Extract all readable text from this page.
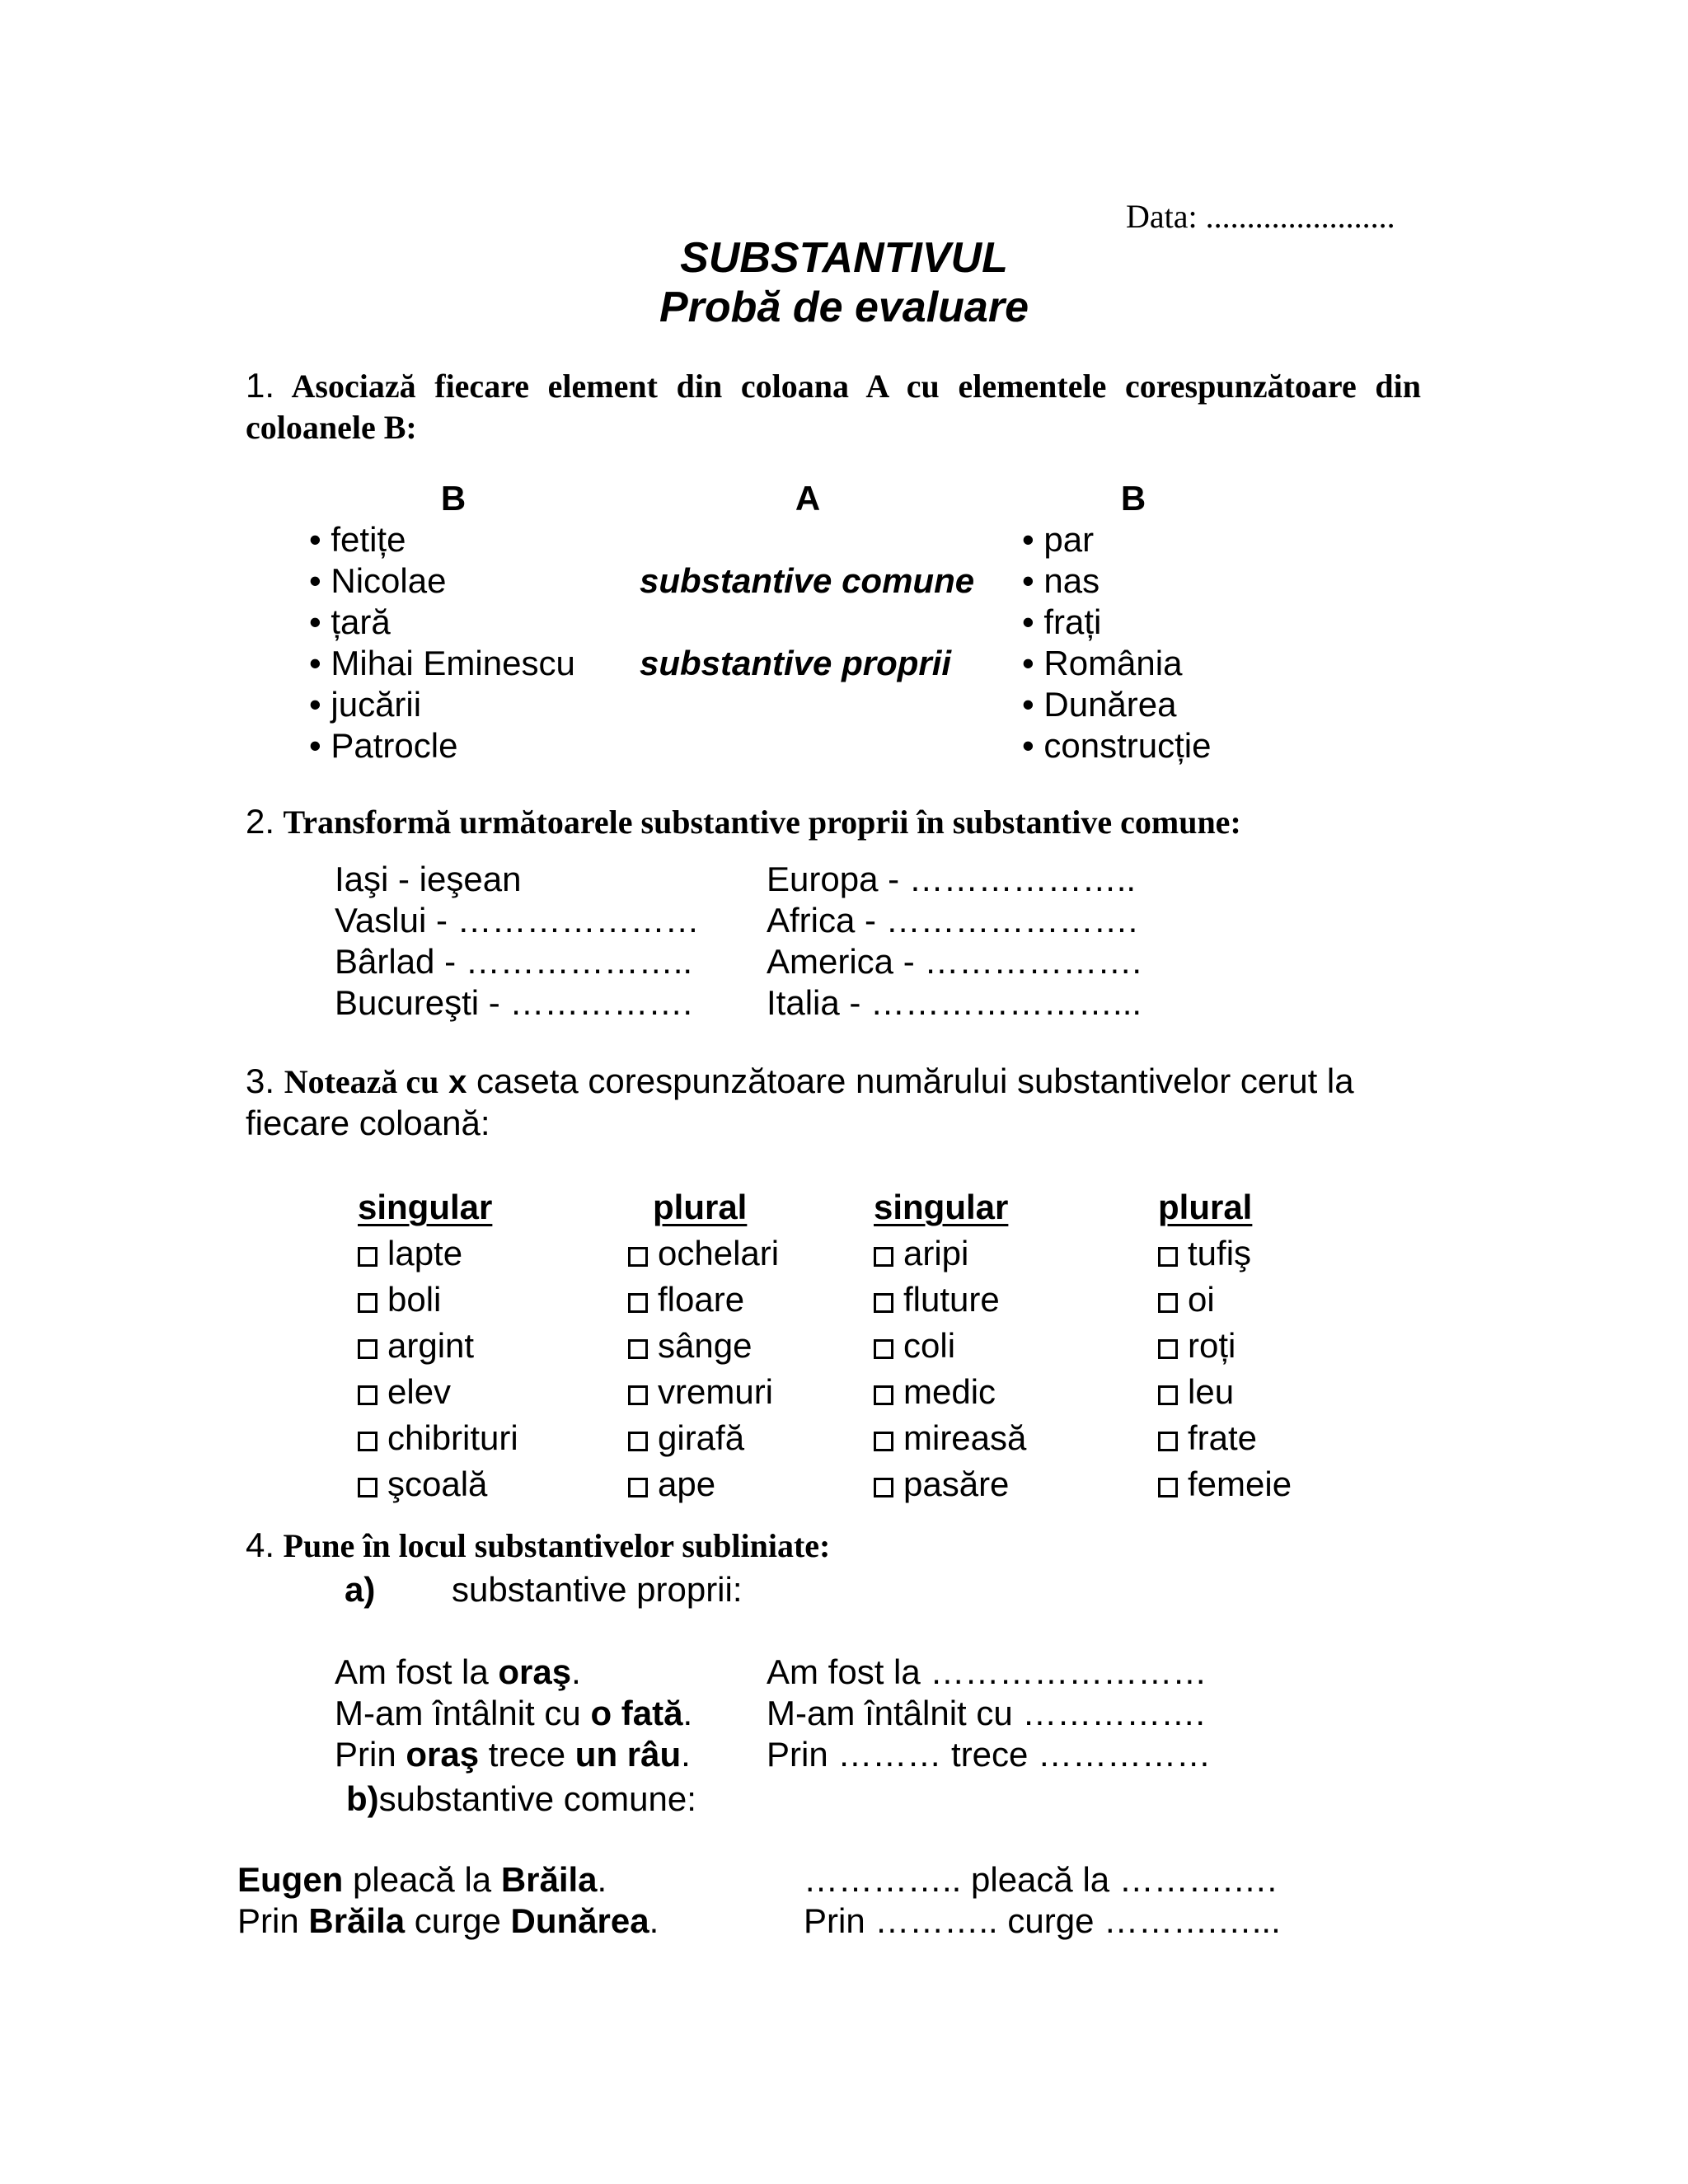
Data: .......................
SUBSTANTIVUL
Probă de evaluare
1. Asociază fiecare element din coloana A cu elementele corespunzătoare din coloanele B:
B	A	B
• fetițe
• Nicolae
• țară
• Mihai Eminescu
• jucării
• Patrocle
substantive comune
substantive proprii
• par
• nas
• frați
• România
• Dunărea
• construcție
2. Transformă următoarele substantive proprii în substantive comune:
Iaşi - ieşean
Vaslui - …………………
Bârlad - ………………..
Bucureşti - …………….
Europa - ………………..
Africa - ………………….
America - ……………….
Italia - …………………...
3. Notează cu x caseta corespunzătoare numărului substantivelor cerut la
fiecare coloană:
singular
lapte
boli
argint
elev
chibrituri
şcoală
plural
ochelari
floare
sânge
vremuri
girafă
ape
singular
aripi
fluture
coli
medic
mireasă
pasăre
plural
tufiş
oi
roți
leu
frate
femeie
4. Pune în locul substantivelor subliniate:
a) substantive proprii:
Am fost la oraş.
M-am întâlnit cu o fată.
Prin oraş trece un râu.
Am fost la ……………………
M-am întâlnit cu …………….
Prin ……… trece ……………
b)substantive comune:
Eugen pleacă la Brăila.
Prin Brăila curge Dunărea.
………….. pleacă la ……….….
Prin ……….. curge ……….…...
